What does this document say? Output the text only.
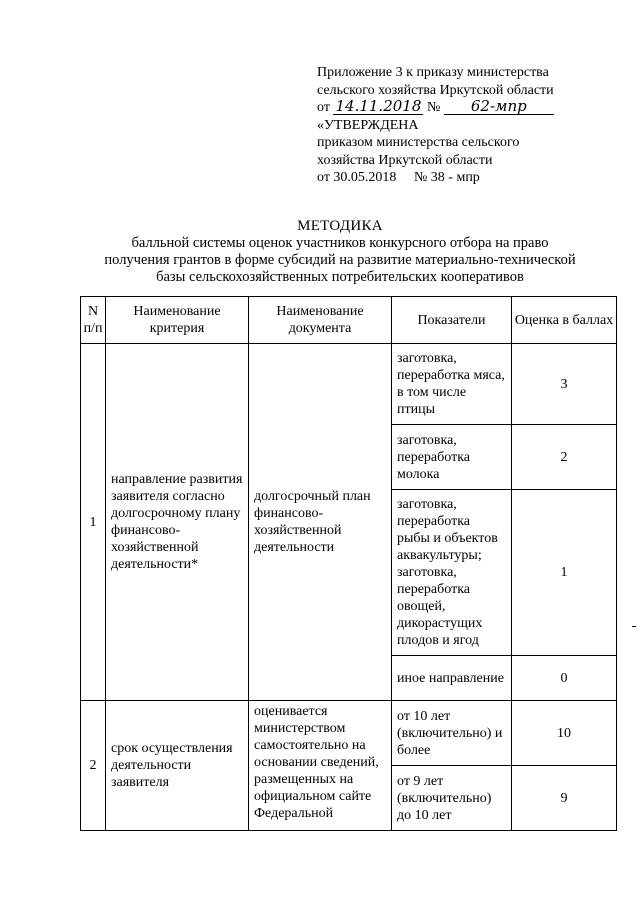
Приложение 3 к приказу министерства
сельского хозяйства Иркутской области
от 14.11.2018 № 62-мпр
«УТВЕРЖДЕНА
приказом министерства сельского
хозяйства Иркутской области
от 30.05.2018 № 38 - мпр
МЕТОДИКА
балльной системы оценок участников конкурсного отбора на право
получения грантов в форме субсидий на развитие материально-технической
базы сельскохозяйственных потребительских кооперативов
N п/п	Наименование критерия	Наименование документа	Показатели	Оценка в баллах
1	направление развития заявителя согласно долгосрочному плану финансово-хозяйственной деятельности*	долгосрочный план финансово-хозяйственной деятельности	заготовка, переработка мяса, в том числе птицы	3
			заготовка, переработка молока	2
			заготовка, переработка рыбы и объектов аквакультуры; заготовка, переработка овощей, дикорастущих плодов и ягод	1
			иное направление	0
2	срок осуществления деятельности заявителя	оценивается министерством самостоятельно на основании сведений, размещенных на официальном сайте Федеральной	от 10 лет (включительно) и более	10
			от 9 лет (включительно) до 10 лет	9
